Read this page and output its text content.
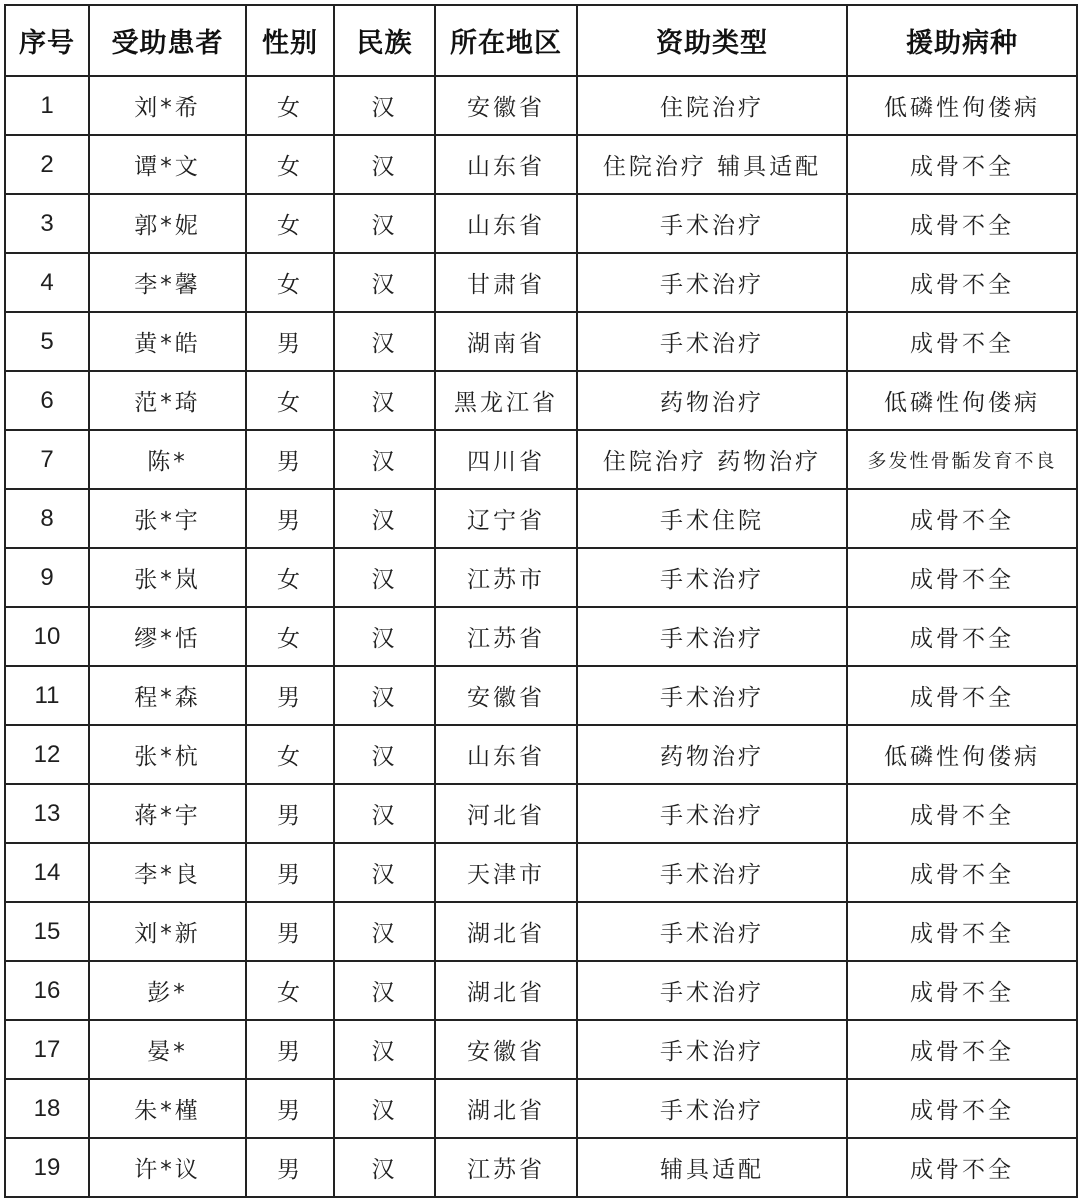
序号	受助患者	性别	民族	所在地区	资助类型	援助病种
1	刘*希	女	汉	安徽省	住院治疗	低磷性佝偻病
2	谭*文	女	汉	山东省	住院治疗 辅具适配	成骨不全
3	郭*妮	女	汉	山东省	手术治疗	成骨不全
4	李*馨	女	汉	甘肃省	手术治疗	成骨不全
5	黄*皓	男	汉	湖南省	手术治疗	成骨不全
6	范*琦	女	汉	黑龙江省	药物治疗	低磷性佝偻病
7	陈*	男	汉	四川省	住院治疗 药物治疗	多发性骨骺发育不良
8	张*宇	男	汉	辽宁省	手术住院	成骨不全
9	张*岚	女	汉	江苏市	手术治疗	成骨不全
10	缪*恬	女	汉	江苏省	手术治疗	成骨不全
11	程*森	男	汉	安徽省	手术治疗	成骨不全
12	张*杭	女	汉	山东省	药物治疗	低磷性佝偻病
13	蒋*宇	男	汉	河北省	手术治疗	成骨不全
14	李*良	男	汉	天津市	手术治疗	成骨不全
15	刘*新	男	汉	湖北省	手术治疗	成骨不全
16	彭*	女	汉	湖北省	手术治疗	成骨不全
17	晏*	男	汉	安徽省	手术治疗	成骨不全
18	朱*槿	男	汉	湖北省	手术治疗	成骨不全
19	许*议	男	汉	江苏省	辅具适配	成骨不全
